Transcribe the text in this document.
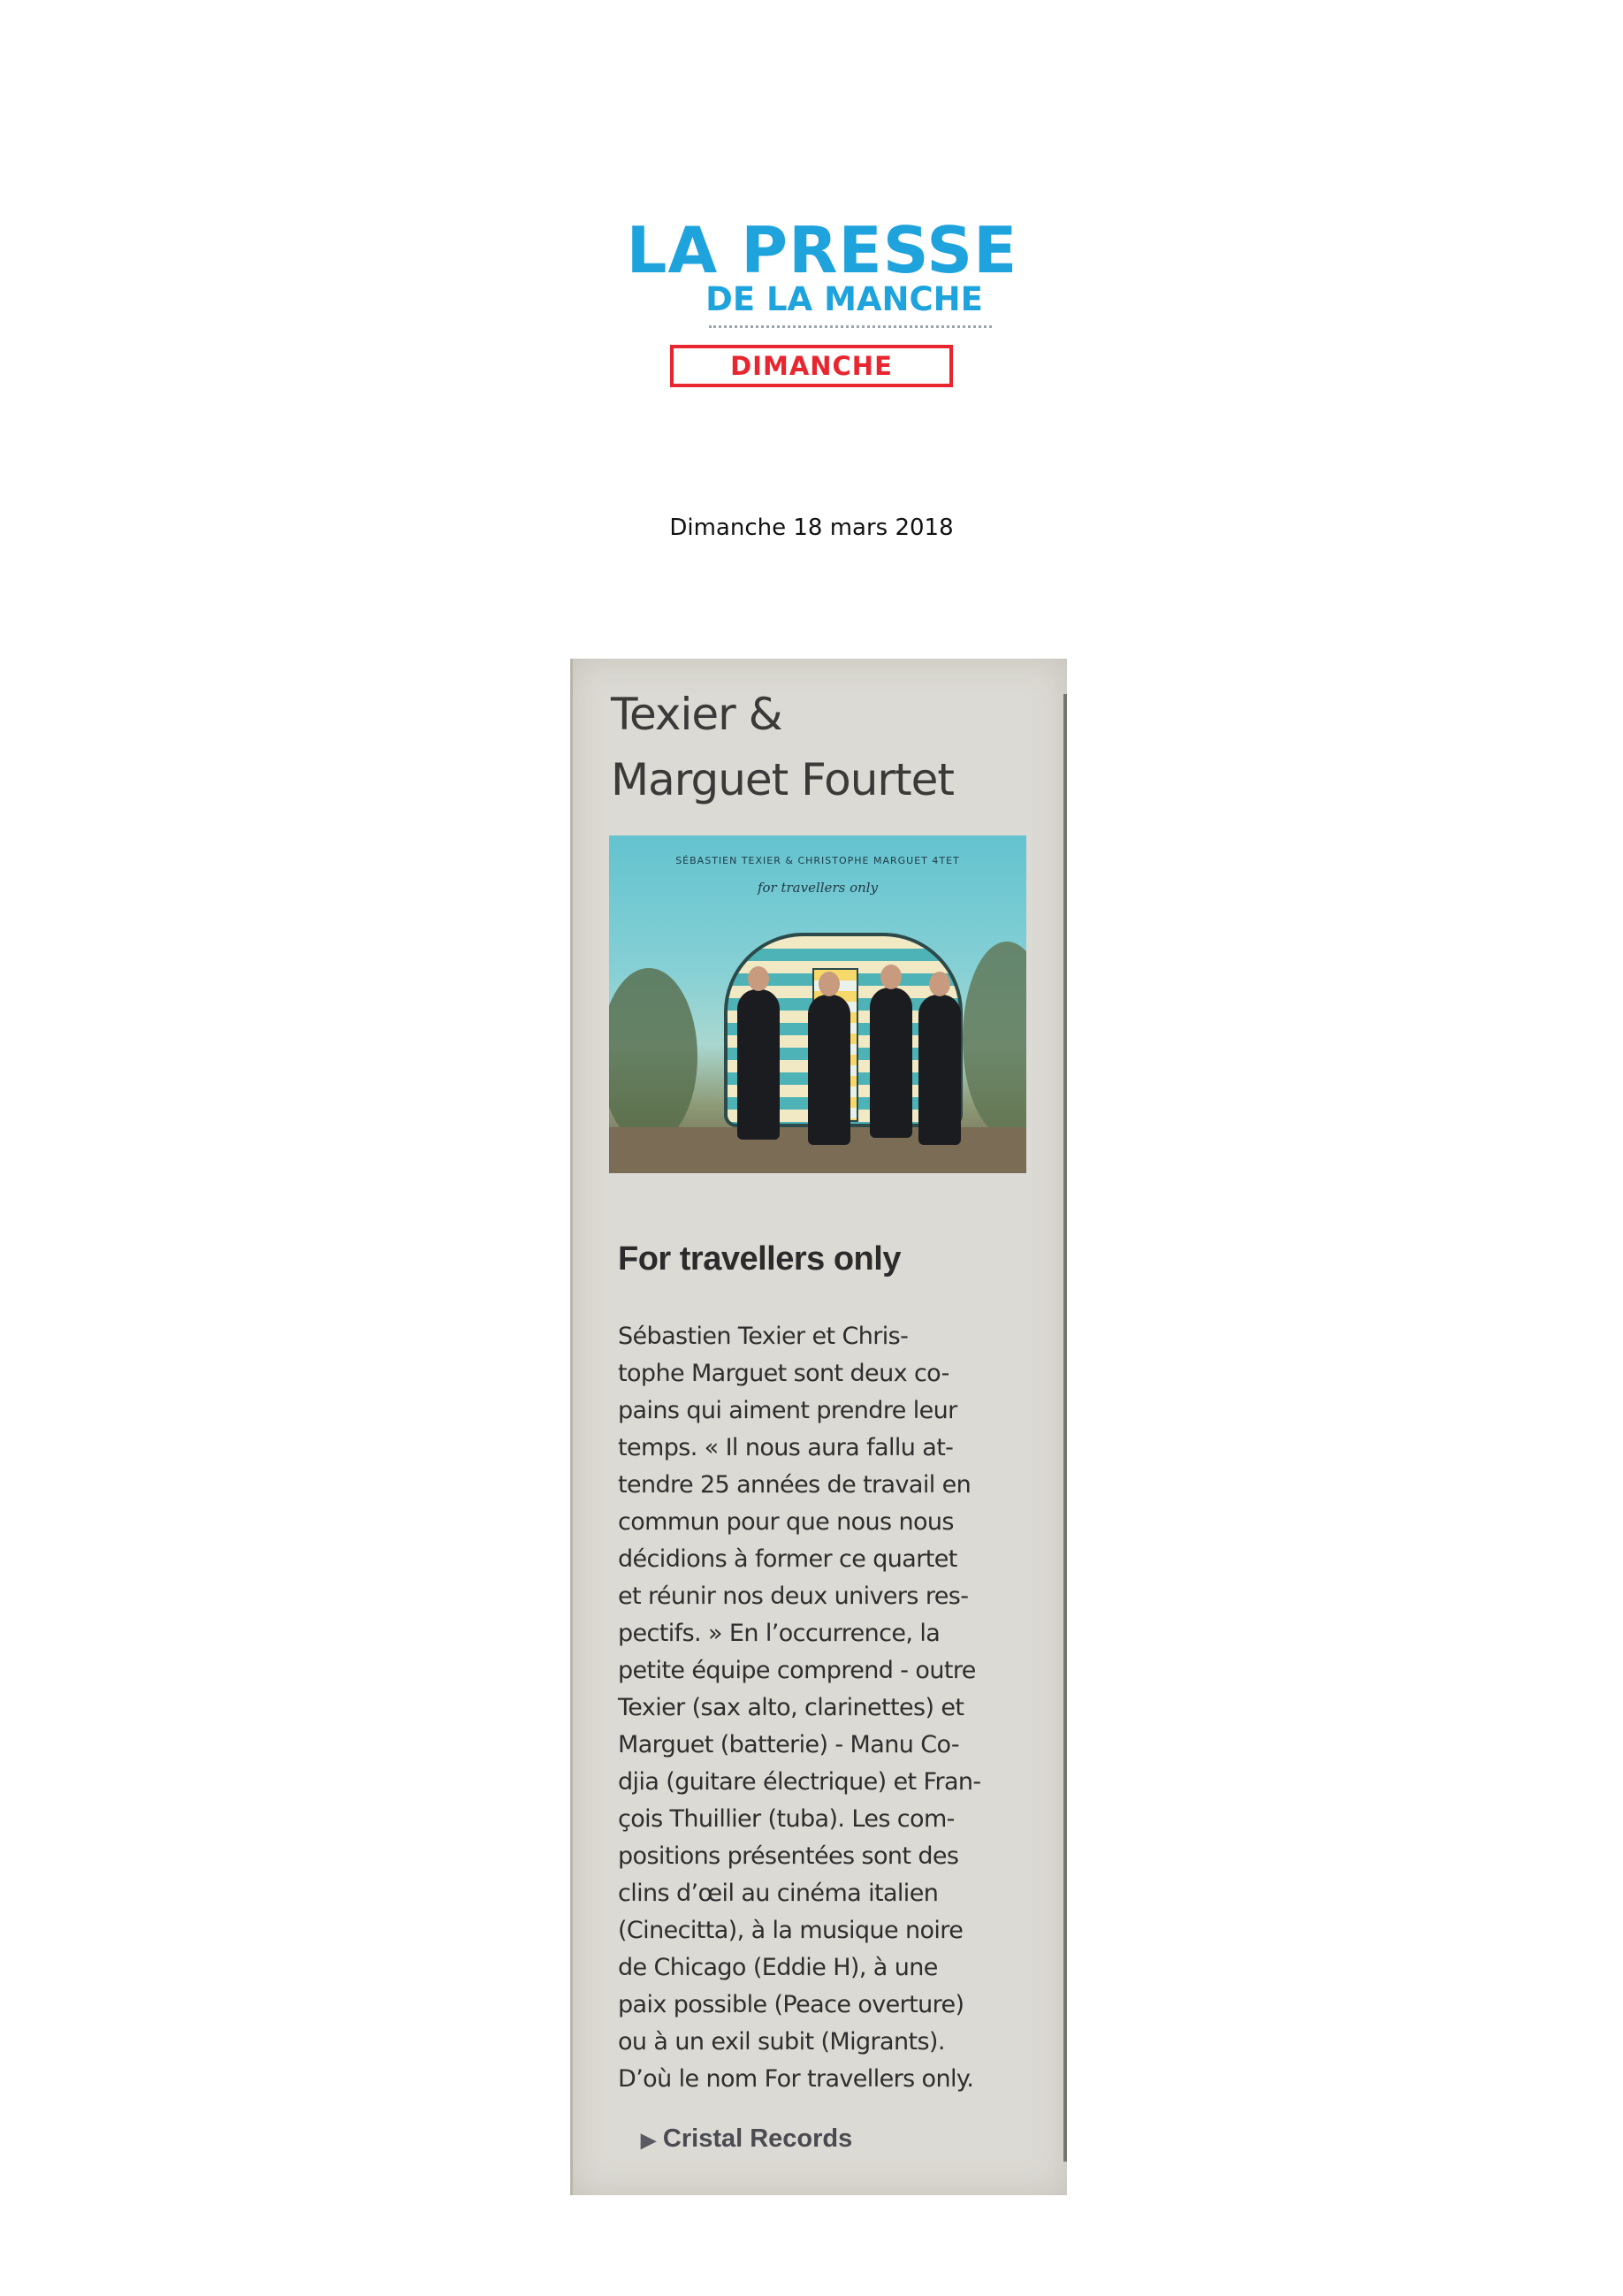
LA PRESSE
DE LA MANCHE
DIMANCHE
Dimanche 18 mars 2018
Texier &
Marguet Fourtet
SÉBASTIEN TEXIER & CHRISTOPHE MARGUET 4TET
for travellers only
For travellers only
Sébastien Texier et Chris-
tophe Marguet sont deux co-
pains qui aiment prendre leur
temps. « Il nous aura fallu at-
tendre 25 années de travail en
commun pour que nous nous
décidions à former ce quartet
et réunir nos deux univers res-
pectifs. » En l’occurrence, la
petite équipe comprend - outre
Texier (sax alto, clarinettes) et
Marguet (batterie) - Manu Co-
djia (guitare électrique) et Fran-
çois Thuillier (tuba). Les com-
positions présentées sont des
clins d’œil au cinéma italien
(Cinecitta), à la musique noire
de Chicago (Eddie H), à une
paix possible (Peace overture)
ou à un exil subit (Migrants).
D’où le nom For travellers only.
▶ Cristal Records
